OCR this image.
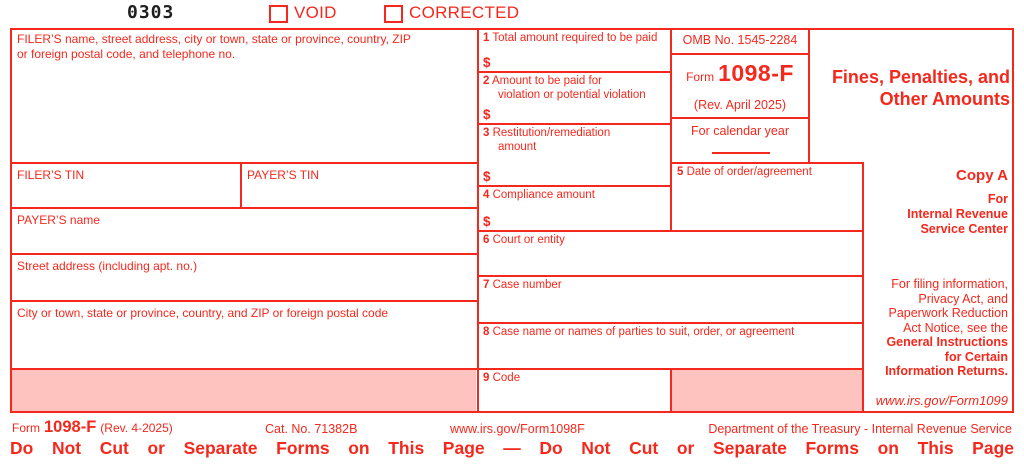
0303	VOID	CORRECTED
FILER’S name, street address, city or town, state or province, country, ZIP
or foreign postal code, and telephone no.
FILER’S TIN	PAYER’S TIN
PAYER’S name
Street address (including apt. no.)
City or town, state or province, country, and ZIP or foreign postal code
1 Total amount required to be paid
$
2 Amount to be paid for
violation or potential violation
$
3 Restitution/remediation
amount
$
4 Compliance amount
$
5 Date of order/agreement
6 Court or entity
7 Case number
8 Case name or names of parties to suit, order, or agreement
9 Code
OMB No. 1545-2284
Form 1098-F
(Rev. April 2025)
For calendar year
Fines, Penalties, and
Other Amounts
Copy A
For
Internal Revenue
Service Center
For filing information,
Privacy Act, and
Paperwork Reduction
Act Notice, see the
General Instructions
for Certain
Information Returns.
www.irs.gov/Form1099
Form 1098-F (Rev. 4-2025)	Cat. No. 71382B	www.irs.gov/Form1098F	Department of the Treasury - Internal Revenue Service
Do Not Cut or Separate Forms on This Page — Do Not Cut or Separate Forms on This Page
